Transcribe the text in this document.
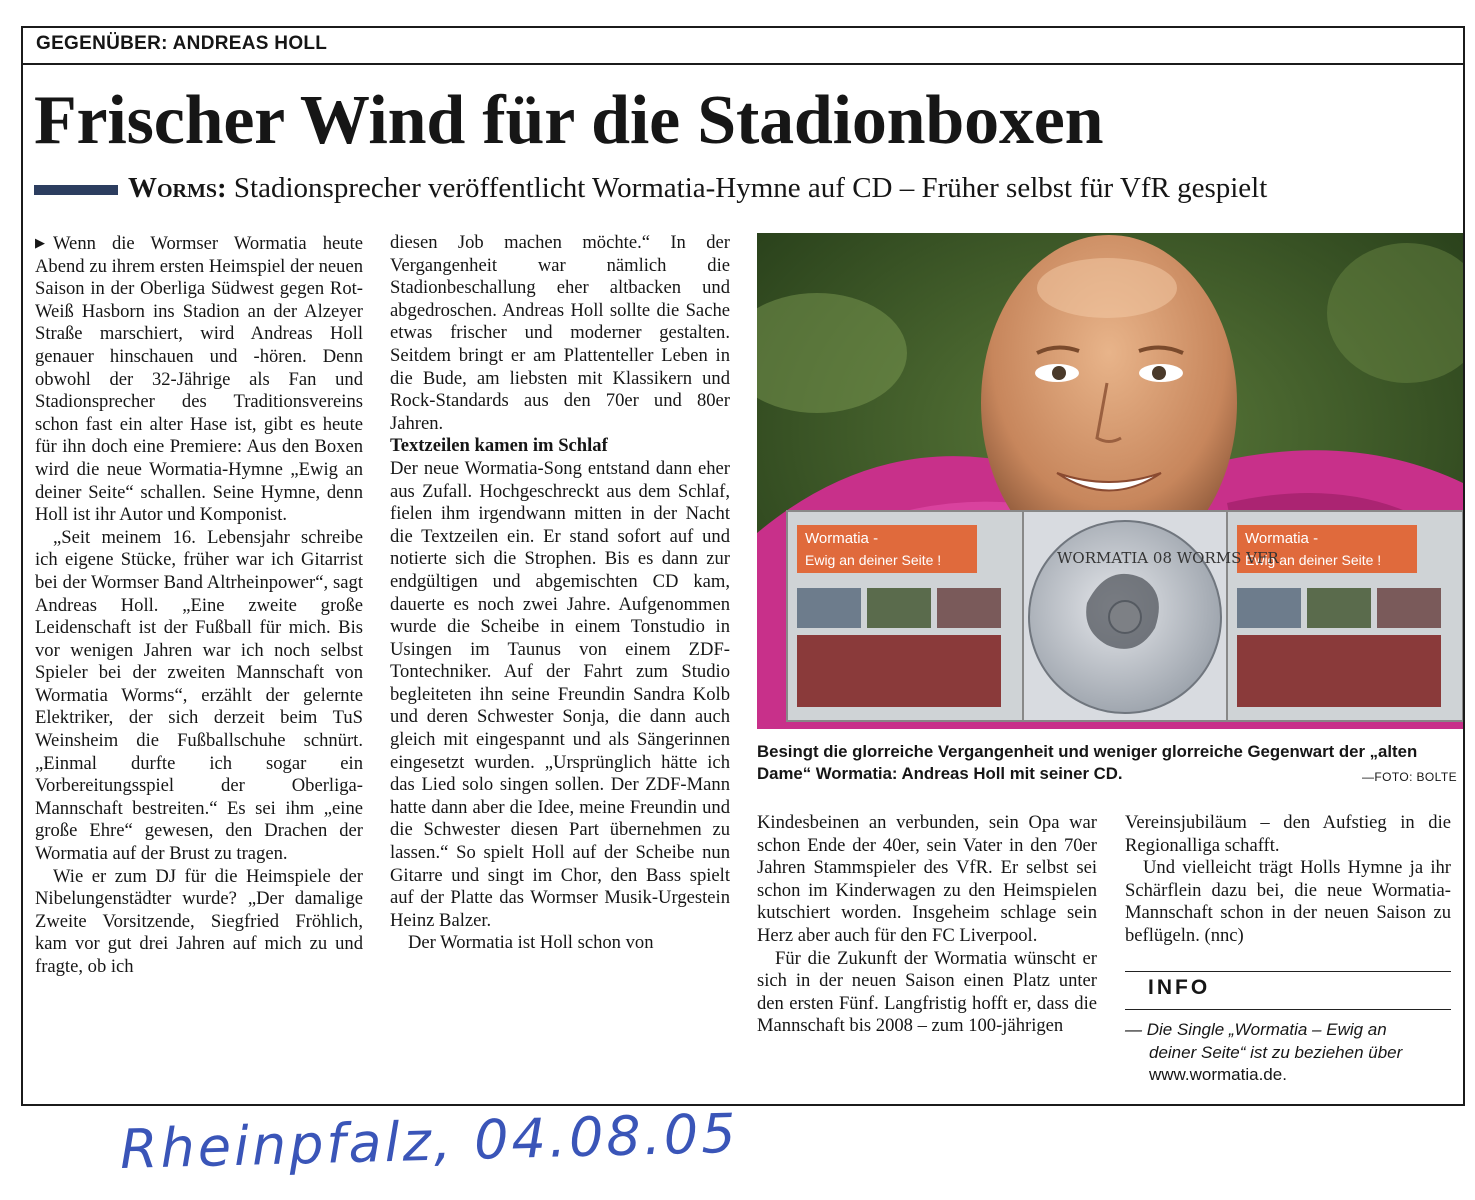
GEGENÜBER: ANDREAS HOLL
Frischer Wind für die Stadionboxen
Worms: Stadionsprecher veröffentlicht Wormatia-Hymne auf CD – Früher selbst für VfR gespielt

▶ Wenn die Wormser Wormatia heute Abend zu ihrem ersten Heimspiel der neuen Saison in der Oberliga Südwest gegen Rot-Weiß Hasborn ins Stadion an der Alzeyer Straße marschiert, wird Andreas Holl genauer hinschauen und -hören. Denn obwohl der 32-Jährige als Fan und Stadionsprecher des Traditionsvereins schon fast ein alter Hase ist, gibt es heute für ihn doch eine Premiere: Aus den Boxen wird die neue Wormatia-Hymne „Ewig an deiner Seite“ schallen. Seine Hymne, denn Holl ist ihr Autor und Komponist.

„Seit meinem 16. Lebensjahr schreibe ich eigene Stücke, früher war ich Gitarrist bei der Wormser Band Altrheinpower“, sagt Andreas Holl. „Eine zweite große Leidenschaft ist der Fußball für mich. Bis vor wenigen Jahren war ich noch selbst Spieler bei der zweiten Mannschaft von Wormatia Worms“, erzählt der gelernte Elektriker, der sich derzeit beim TuS Weinsheim die Fußballschuhe schnürt. „Einmal durfte ich sogar ein Vorbereitungsspiel der Oberliga-Mannschaft bestreiten.“ Es sei ihm „eine große Ehre“ gewesen, den Drachen der Wormatia auf der Brust zu tragen.

Wie er zum DJ für die Heimspiele der Nibelungenstädter wurde? „Der damalige Zweite Vorsitzende, Siegfried Fröhlich, kam vor gut drei Jahren auf mich zu und fragte, ob ich

diesen Job machen möchte.“ In der Vergangenheit war nämlich die Stadionbeschallung eher altbacken und abgedroschen. Andreas Holl sollte die Sache etwas frischer und moderner gestalten. Seitdem bringt er am Plattenteller Leben in die Bude, am liebsten mit Klassikern und Rock-Standards aus den 70er und 80er Jahren.

Textzeilen kamen im Schlaf

Der neue Wormatia-Song entstand dann eher aus Zufall. Hochgeschreckt aus dem Schlaf, fielen ihm irgendwann mitten in der Nacht die Textzeilen ein. Er stand sofort auf und notierte sich die Strophen. Bis es dann zur endgültigen und abgemischten CD kam, dauerte es noch zwei Jahre. Aufgenommen wurde die Scheibe in einem Tonstudio in Usingen im Taunus von einem ZDF-Tontechniker. Auf der Fahrt zum Studio begleiteten ihn seine Freundin Sandra Kolb und deren Schwester Sonja, die dann auch gleich mit eingespannt und als Sängerinnen eingesetzt wurden. „Ursprünglich hätte ich das Lied solo singen sollen. Der ZDF-Mann hatte dann aber die Idee, meine Freundin und die Schwester diesen Part übernehmen zu lassen.“ So spielt Holl auf der Scheibe nun Gitarre und singt im Chor, den Bass spielt auf der Platte das Wormser Musik-Urgestein Heinz Balzer.

Der Wormatia ist Holl schon von

Wormatia -
Ewig an deiner Seite !
Wormatia -
Ewig an deiner Seite !
WORMATIA 08 WORMS VFR
Besingt die glorreiche Vergangenheit und weniger glorreiche Gegenwart der „alten Dame“ Wormatia: Andreas Holl mit seiner CD.	—FOTO: BOLTE

Kindesbeinen an verbunden, sein Opa war schon Ende der 40er, sein Vater in den 70er Jahren Stammspieler des VfR. Er selbst sei schon im Kinderwagen zu den Heimspielen kutschiert worden. Insgeheim schlage sein Herz aber auch für den FC Liverpool.

Für die Zukunft der Wormatia wünscht er sich in der neuen Saison einen Platz unter den ersten Fünf. Langfristig hofft er, dass die Mannschaft bis 2008 – zum 100-jährigen

Vereinsjubiläum – den Aufstieg in die Regionalliga schafft.

Und vielleicht trägt Holls Hymne ja ihr Schärflein dazu bei, die neue Wormatia-Mannschaft schon in der neuen Saison zu beflügeln. (nnc)

INFO
— Die Single „Wormatia – Ewig an
deiner Seite“ ist zu beziehen über
www.wormatia.de.
Rheinpfalz, 04.08.05
